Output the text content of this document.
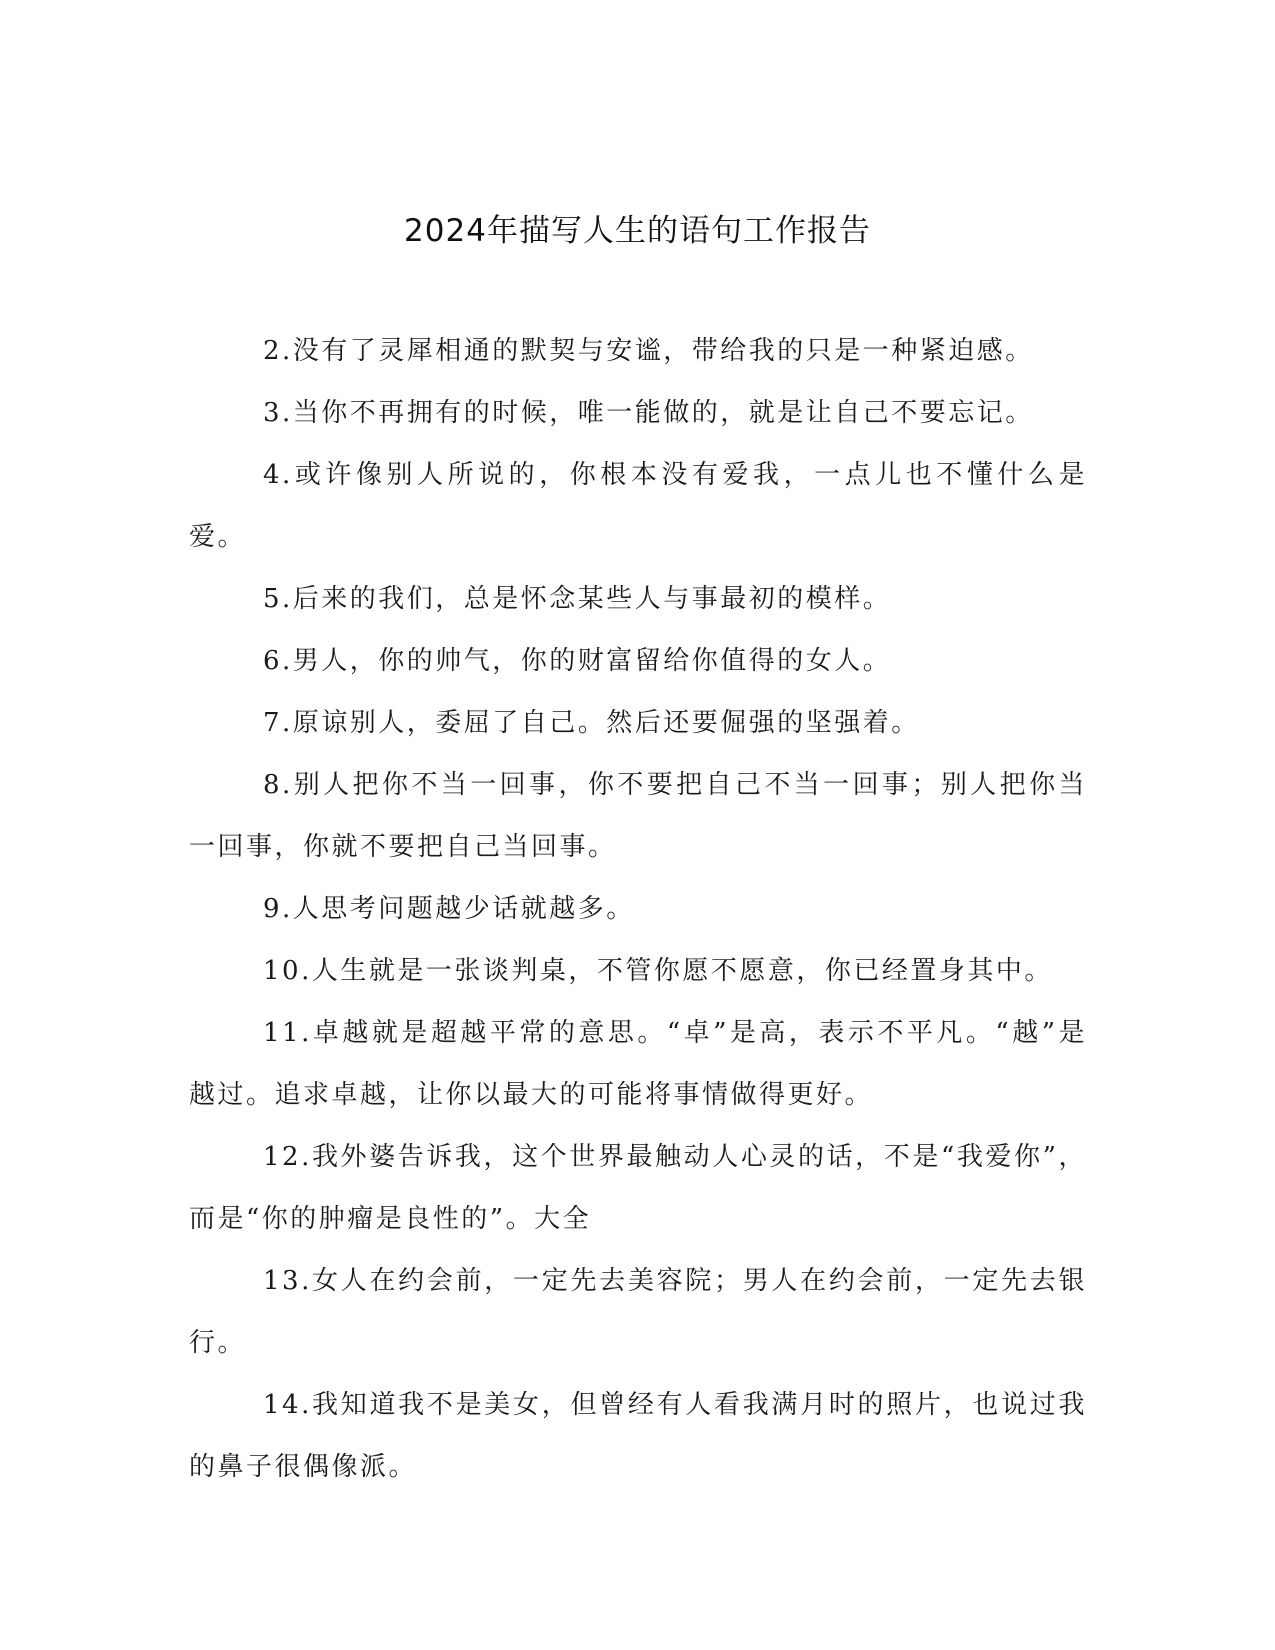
2024年描写人生的语句工作报告

2.没有了灵犀相通的默契与安谧，带给我的只是一种紧迫感。

3.当你不再拥有的时候，唯一能做的，就是让自己不要忘记。

4.或许像别人所说的，你根本没有爱我，一点儿也不懂什么是爱。

5.后来的我们，总是怀念某些人与事最初的模样。

6.男人，你的帅气，你的财富留给你值得的女人。

7.原谅别人，委屈了自己。然后还要倔强的坚强着。

8.别人把你不当一回事，你不要把自己不当一回事；别人把你当一回事，你就不要把自己当回事。

9.人思考问题越少话就越多。

10.人生就是一张谈判桌，不管你愿不愿意，你已经置身其中。

11.卓越就是超越平常的意思。“卓”是高，表示不平凡。“越”是越过。追求卓越，让你以最大的可能将事情做得更好。

12.我外婆告诉我，这个世界最触动人心灵的话，不是“我爱你”，而是“你的肿瘤是良性的”。大全

13.女人在约会前，一定先去美容院；男人在约会前，一定先去银行。

14.我知道我不是美女，但曾经有人看我满月时的照片，也说过我的鼻子很偶像派。
